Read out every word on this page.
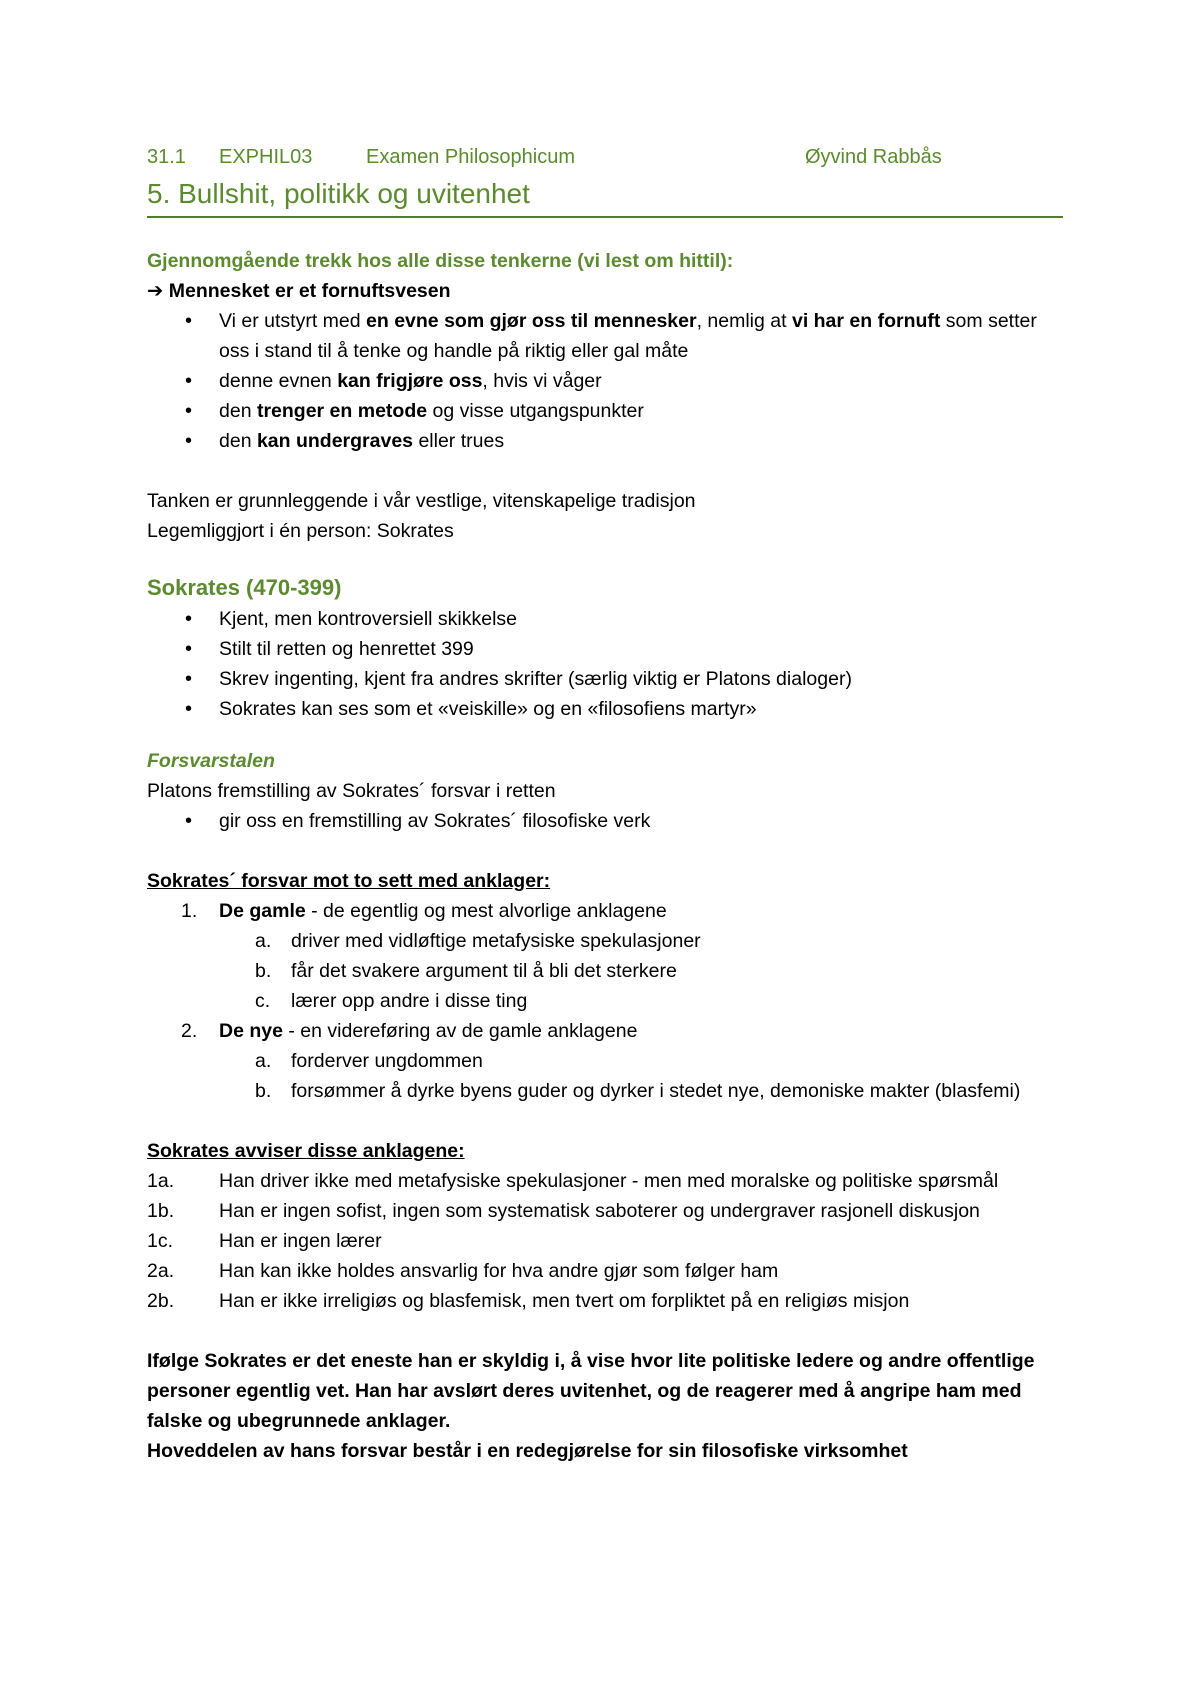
31.1 EXPHIL03	Examen Philosophicum	Øyvind Rabbås
5. Bullshit, politikk og uvitenhet

Gjennomgående trekk hos alle disse tenkerne (vi lest om hittil):

➔ Mennesket er et fornuftsvesen

• Vi er utstyrt med en evne som gjør oss til mennesker, nemlig at vi har en fornuft som setter oss i stand til å tenke og handle på riktig eller gal måte
• denne evnen kan frigjøre oss, hvis vi våger
• den trenger en metode og visse utgangspunkter
• den kan undergraves eller trues

Tanken er grunnleggende i vår vestlige, vitenskapelige tradisjon

Legemliggjort i én person: Sokrates

Sokrates (470-399)
• Kjent, men kontroversiell skikkelse
• Stilt til retten og henrettet 399
• Skrev ingenting, kjent fra andres skrifter (særlig viktig er Platons dialoger)
• Sokrates kan ses som et «veiskille» og en «filosofiens martyr»
Forsvarstalen

Platons fremstilling av Sokrates´ forsvar i retten

• gir oss en fremstilling av Sokrates´ filosofiske verk

Sokrates´ forsvar mot to sett med anklager:

1. De gamle - de egentlig og mest alvorlige anklagene
a. driver med vidløftige metafysiske spekulasjoner
b. får det svakere argument til å bli det sterkere
c. lærer opp andre i disse ting
2. De nye - en videreføring av de gamle anklagene
a. forderver ungdommen
b. forsømmer å dyrke byens guder og dyrker i stedet nye, demoniske makter (blasfemi)

Sokrates avviser disse anklagene:

1a. Han driver ikke med metafysiske spekulasjoner - men med moralske og politiske spørsmål

1b. Han er ingen sofist, ingen som systematisk saboterer og undergraver rasjonell diskusjon

1c. Han er ingen lærer

2a. Han kan ikke holdes ansvarlig for hva andre gjør som følger ham

2b. Han er ikke irreligiøs og blasfemisk, men tvert om forpliktet på en religiøs misjon

Ifølge Sokrates er det eneste han er skyldig i, å vise hvor lite politiske ledere og andre offentlige personer egentlig vet. Han har avslørt deres uvitenhet, og de reagerer med å angripe ham med falske og ubegrunnede anklager.

Hoveddelen av hans forsvar består i en redegjørelse for sin filosofiske virksomhet
